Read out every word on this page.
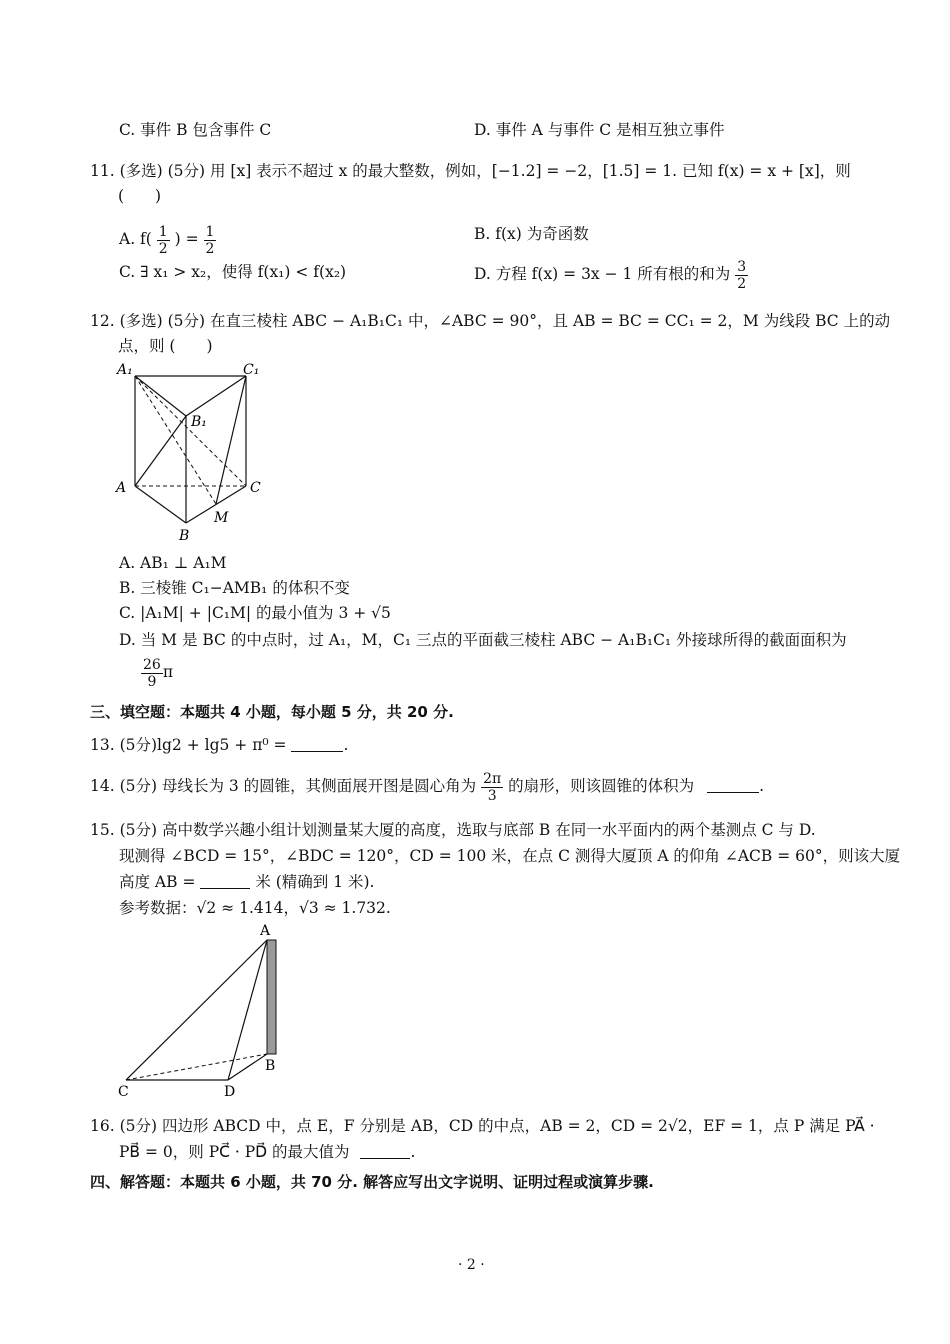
C. 事件 B 包含事件 C	D. 事件 A 与事件 C 是相互独立事件
11. (多选) (5分) 用 [x] 表示不超过 x 的最大整数，例如，[−1.2] = −2，[1.5] = 1. 已知 f(x) = x + [x]，则
(　　)
A. $f( \frac{1}{2}$ ) = $\frac{1}{2}$	B. f(x) 为奇函数
C. ∃ x₁ > x₂，使得 f(x₁) < f(x₂)	D. 方程 f(x) = 3x − 1 所有根的和为 $\frac{3}{2}$
12. (多选) (5分) 在直三棱柱 ABC − A₁B₁C₁ 中，∠ABC = 90°，且 AB = BC = CC₁ = 2，M 为线段 BC 上的动
点，则 (　　)
A₁	C₁
B₁
A	C
M
B
A. AB₁ ⊥ A₁M
B. 三棱锥 C₁−AMB₁ 的体积不变
C. |A₁M| + |C₁M| 的最小值为 3 + √5
D. 当 M 是 BC 的中点时，过 A₁，M，C₁ 三点的平面截三棱柱 ABC − A₁B₁C₁ 外接球所得的截面面积为
$\frac{26}{9}$ π
三、填空题：本题共 4 小题，每小题 5 分，共 20 分.
13. (5分)lg2 + lg5 + π⁰ =	.
14. (5分) 母线长为 3 的圆锥，其侧面展开图是圆心角为 $\frac{2\pi}{3}$ 的扇形，则该圆锥的体积为	.
15. (5分) 高中数学兴趣小组计划测量某大厦的高度，选取与底部 B 在同一水平面内的两个基测点 C 与 D.
现测得 ∠BCD = 15°，∠BDC = 120°，CD = 100 米，在点 C 测得大厦顶 A 的仰角 ∠ACB = 60°，则该大厦
高度 AB =	米 (精确到 1 米).
参考数据：√2 ≈ 1.414，√3 ≈ 1.732.
A
B
C	D
16. (5分) 四边形 ABCD 中，点 E，F 分别是 AB，CD 的中点，AB = 2，CD = 2√2，EF = 1，点 P 满足 PA⃗ ·
PB⃗ = 0，则 PC⃗ · PD⃗ 的最大值为	.
四、解答题：本题共 6 小题，共 70 分. 解答应写出文字说明、证明过程或演算步骤.
· 2 ·
